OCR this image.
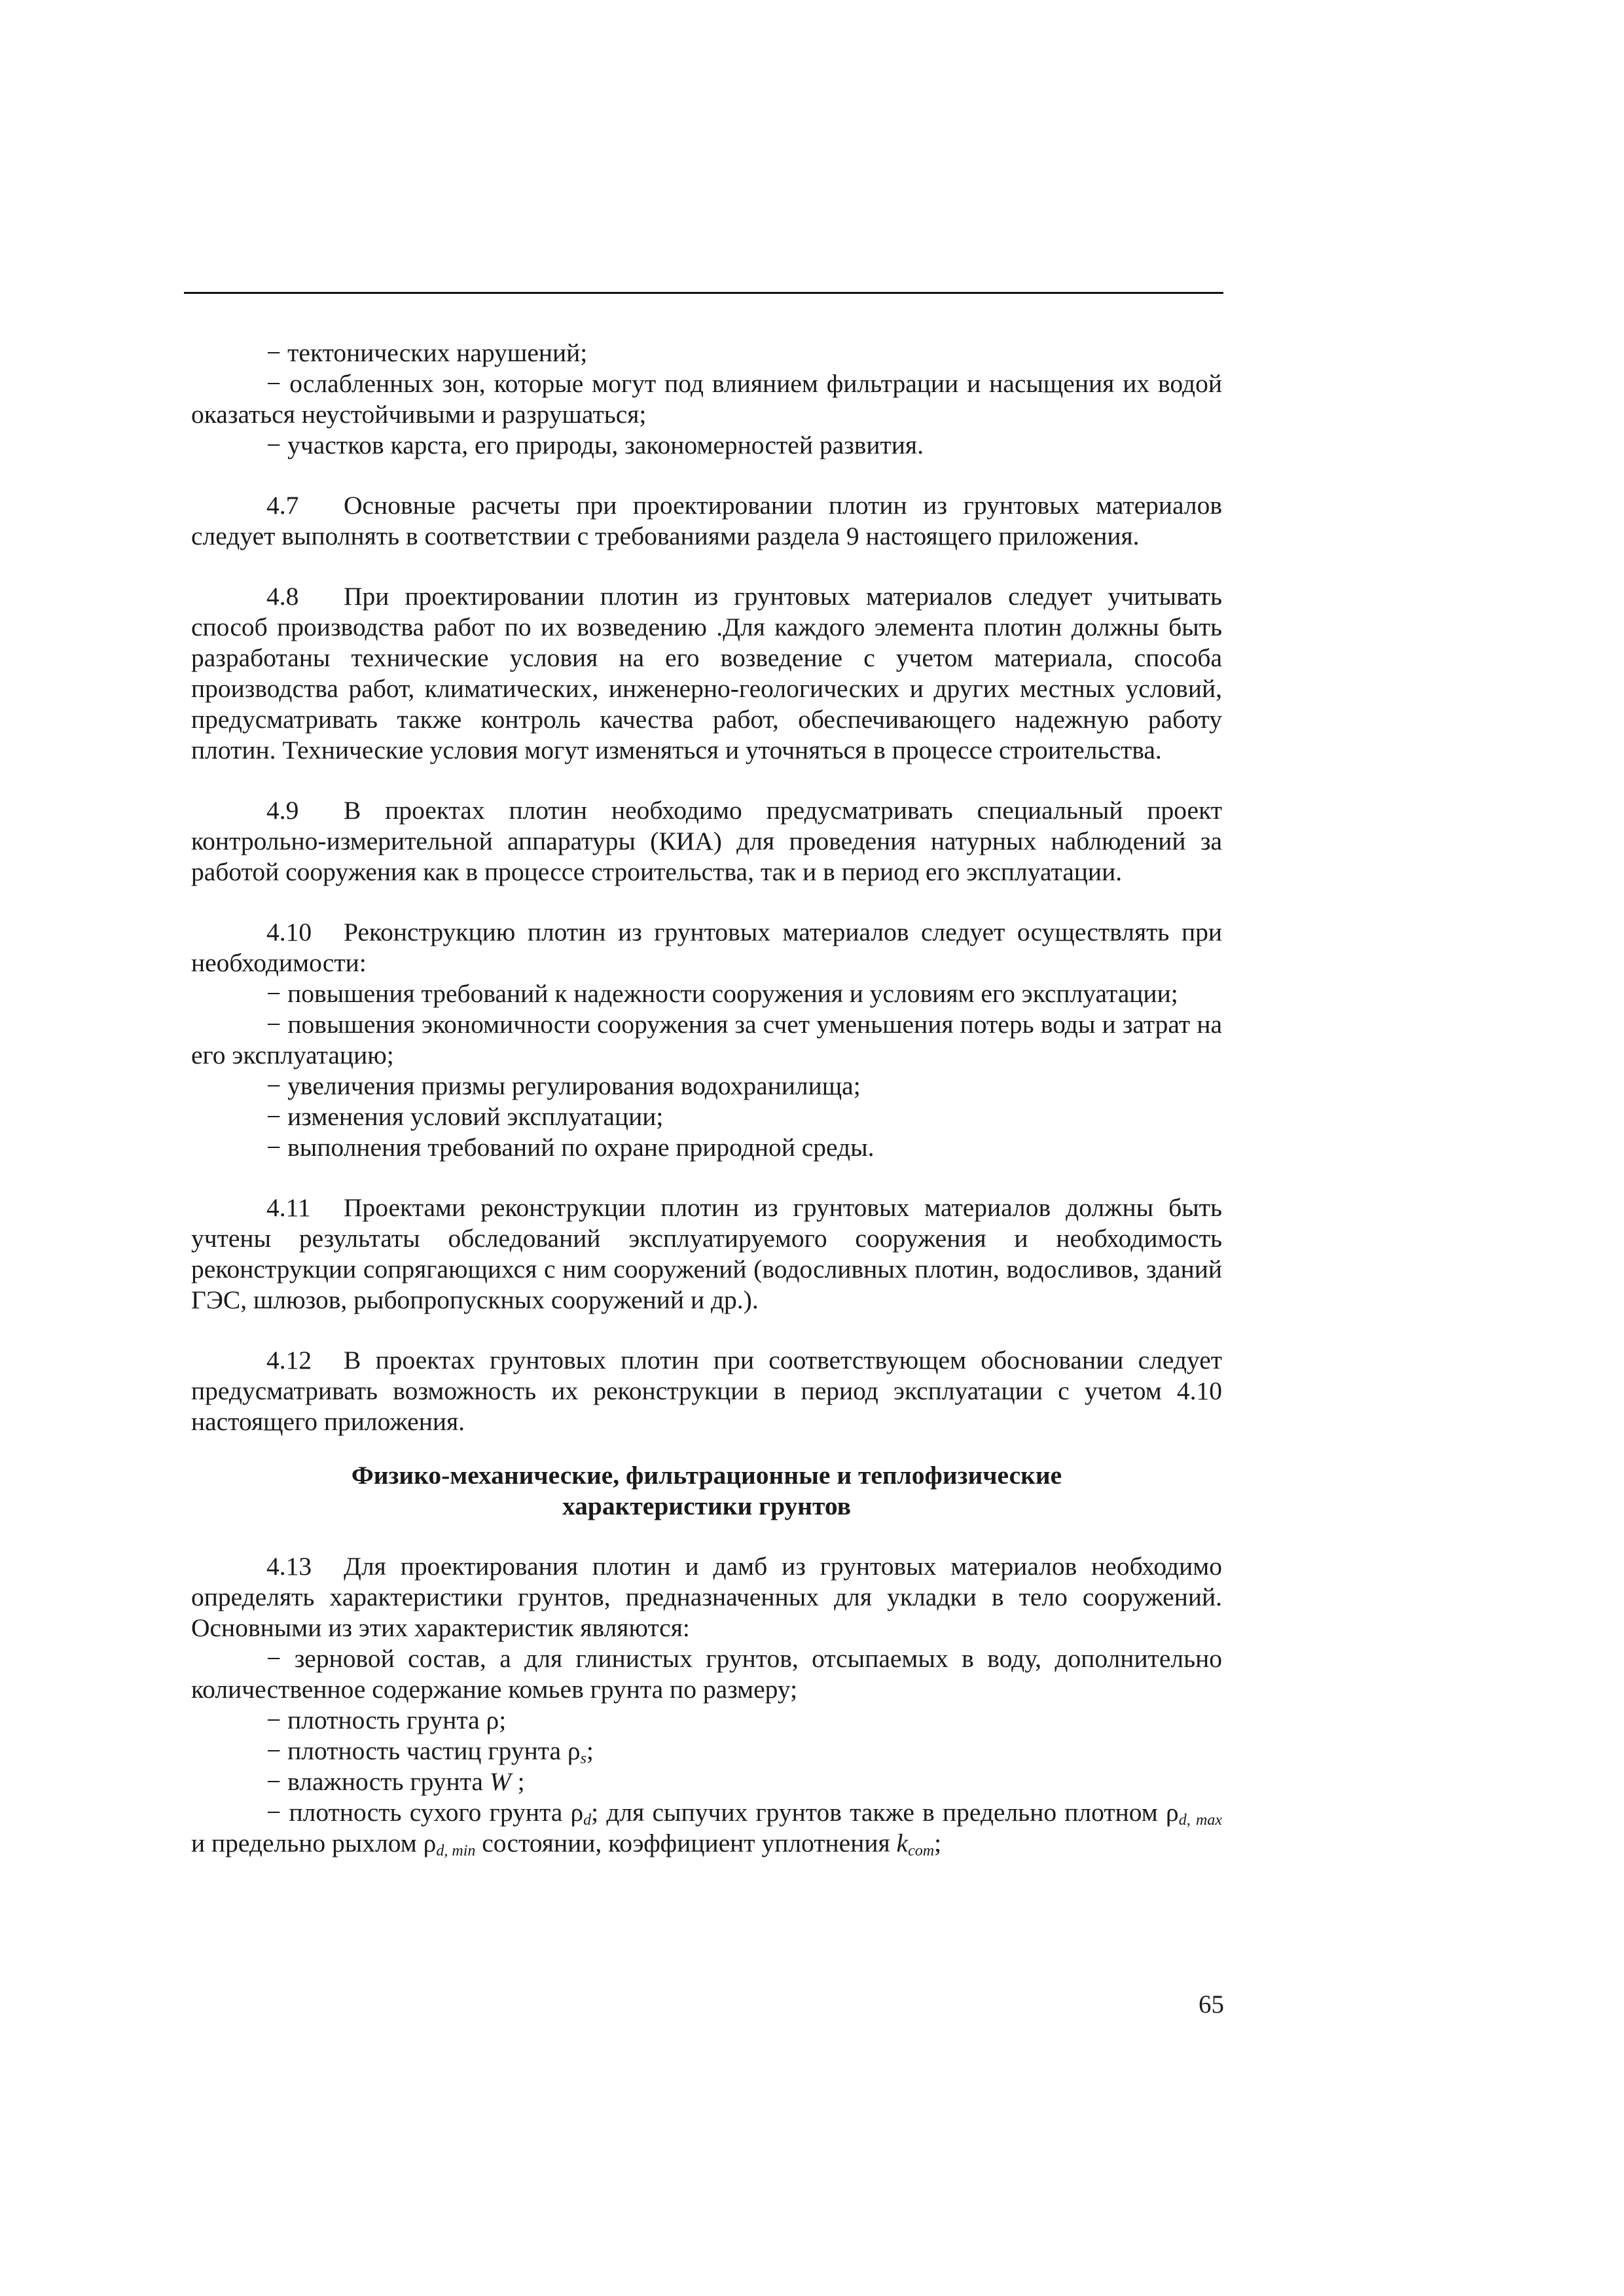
− тектонических нарушений;

− ослабленных зон, которые могут под влиянием фильтрации и насыщения их водой оказаться неустойчивыми и разрушаться;

− участков карста, его природы, закономерностей развития.

4.7 Основные расчеты при проектировании плотин из грунтовых материалов следует выполнять в соответствии с требованиями раздела 9 настоящего приложения.

4.8 При проектировании плотин из грунтовых материалов следует учитывать способ производства работ по их возведению .Для каждого элемента плотин должны быть разработаны технические условия на его возведение с учетом материала, способа производства работ, климатических, инженерно-геологических и других местных условий, предусматривать также контроль качества работ, обеспечивающего надежную работу плотин. Технические условия могут изменяться и уточняться в процессе строительства.

4.9 В проектах плотин необходимо предусматривать специальный проект контрольно-измерительной аппаратуры (КИА) для проведения натурных наблюдений за работой сооружения как в процессе строительства, так и в период его эксплуатации.

4.10 Реконструкцию плотин из грунтовых материалов следует осуществлять при необходимости:

− повышения требований к надежности сооружения и условиям его эксплуатации;

− повышения экономичности сооружения за счет уменьшения потерь воды и затрат на его эксплуатацию;

− увеличения призмы регулирования водохранилища;

− изменения условий эксплуатации;

− выполнения требований по охране природной среды.

4.11 Проектами реконструкции плотин из грунтовых материалов должны быть учтены результаты обследований эксплуатируемого сооружения и необходимость реконструкции сопрягающихся с ним сооружений (водосливных плотин, водосливов, зданий ГЭС, шлюзов, рыбопропускных сооружений и др.).

4.12 В проектах грунтовых плотин при соответствующем обосновании следует предусматривать возможность их реконструкции в период эксплуатации с учетом 4.10 настоящего приложения.

Физико-механические, фильтрационные и теплофизические

характеристики грунтов

4.13 Для проектирования плотин и дамб из грунтовых материалов необходимо определять характеристики грунтов, предназначенных для укладки в тело сооружений. Основными из этих характеристик являются:

− зерновой состав, а для глинистых грунтов, отсыпаемых в воду, дополнительно количественное содержание комьев грунта по размеру;

− плотность грунта ρ;

− плотность частиц грунта $\rho_s$;

− влажность грунта W ;

− плотность сухого грунта $\rho_d$; для сыпучих грунтов также в предельно плотном $\rho_{d, max}$ и предельно рыхлом $\rho_{d, min}$ состоянии, коэффициент уплотнения $k_{com}$;

65
